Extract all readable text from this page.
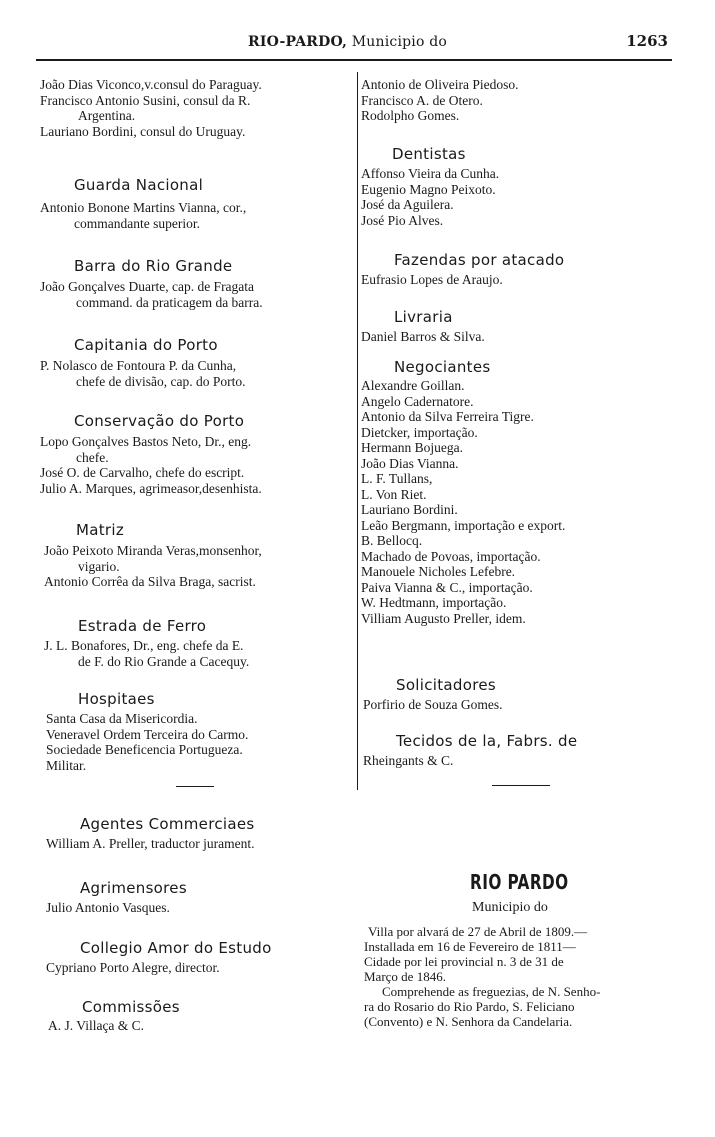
RIO-PARDO, Municipio do	1263
João Dias Viconco,v.consul do Paraguay.
Francisco Antonio Susini, consul da R.
Argentina.
Lauriano Bordini, consul do Uruguay.
Guarda Nacional
Antonio Bonone Martins Vianna, cor.,
commandante superior.
Barra do Rio Grande
João Gonçalves Duarte, cap. de Fragata
command. da praticagem da barra.
Capitania do Porto
P. Nolasco de Fontoura P. da Cunha,
chefe de divisão, cap. do Porto.
Conservação do Porto
Lopo Gonçalves Bastos Neto, Dr., eng.
chefe.
José O. de Carvalho, chefe do escript.
Julio A. Marques, agrimeasor,desenhista.
Matriz
João Peixoto Miranda Veras,monsenhor,
vigario.
Antonio Corrêa da Silva Braga, sacrist.
Estrada de Ferro
J. L. Bonafores, Dr., eng. chefe da E.
de F. do Rio Grande a Cacequy.
Hospitaes
Santa Casa da Misericordia.
Veneravel Ordem Terceira do Carmo.
Sociedade Beneficencia Portugueza.
Militar.
Agentes Commerciaes
William A. Preller, traductor jurament.
Agrimensores
Julio Antonio Vasques.
Collegio Amor do Estudo
Cypriano Porto Alegre, director.
Commissões
A. J. Villaça & C.
Antonio de Oliveira Piedoso.
Francisco A. de Otero.
Rodolpho Gomes.
Dentistas
Affonso Vieira da Cunha.
Eugenio Magno Peixoto.
José da Aguilera.
José Pio Alves.
Fazendas por atacado
Eufrasio Lopes de Araujo.
Livraria
Daniel Barros & Silva.
Negociantes
Alexandre Goillan.
Angelo Cadernatore.
Antonio da Silva Ferreira Tigre.
Dietcker, importação.
Hermann Bojuega.
João Dias Vianna.
L. F. Tullans,
L. Von Riet.
Lauriano Bordini.
Leão Bergmann, importação e export.
B. Bellocq.
Machado de Povoas, importação.
Manouele Nicholes Lefebre.
Paiva Vianna & C., importação.
W. Hedtmann, importação.
Villiam Augusto Preller, idem.
Solicitadores
Porfirio de Souza Gomes.
Tecidos de la, Fabrs. de
Rheingants & C.
RIO PARDO
Municipio do
Villa por alvará de 27 de Abril de 1809.—
Installada em 16 de Fevereiro de 1811—
Cidade por lei provincial n. 3 de 31 de
Março de 1846.
Comprehende as freguezias, de N. Senho-
ra do Rosario do Rio Pardo, S. Feliciano
(Convento) e N. Senhora da Candelaria.
